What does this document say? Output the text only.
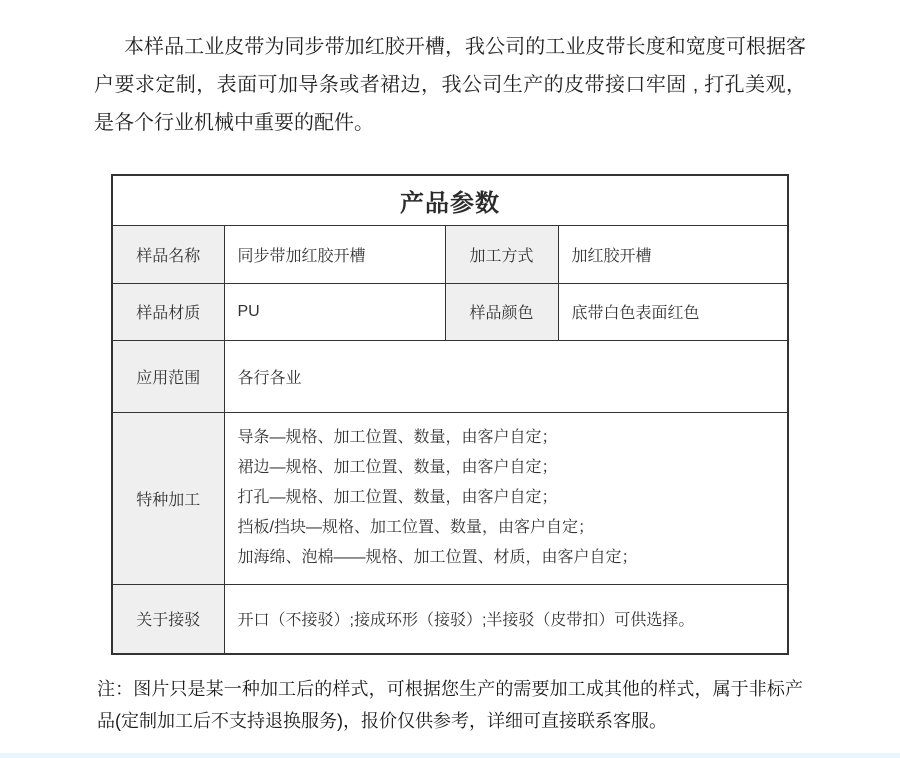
本样品工业皮带为同步带加红胶开槽，我公司的工业皮带长度和宽度可根据客户要求定制，表面可加导条或者裙边，我公司生产的皮带接口牢固 , 打孔美观，是各个行业机械中重要的配件。

产品参数			
样品名称	同步带加红胶开槽	加工方式	加红胶开槽
样品材质	PU	样品颜色	底带白色表面红色
应用范围	各行各业		
特种加工	导条—规格、加工位置、数量，由客户自定；

裙边—规格、加工位置、数量，由客户自定；

打孔—规格、加工位置、数量，由客户自定；

挡板/挡块—规格、加工位置、数量，由客户自定；

加海绵、泡棉——规格、加工位置、材质，由客户自定；		

关于接驳	开口（不接驳）;接成环形（接驳）;半接驳（皮带扣）可供选择。		

注：图片只是某一种加工后的样式，可根据您生产的需要加工成其他的样式，属于非标产品(定制加工后不支持退换服务)，报价仅供参考，详细可直接联系客服。
